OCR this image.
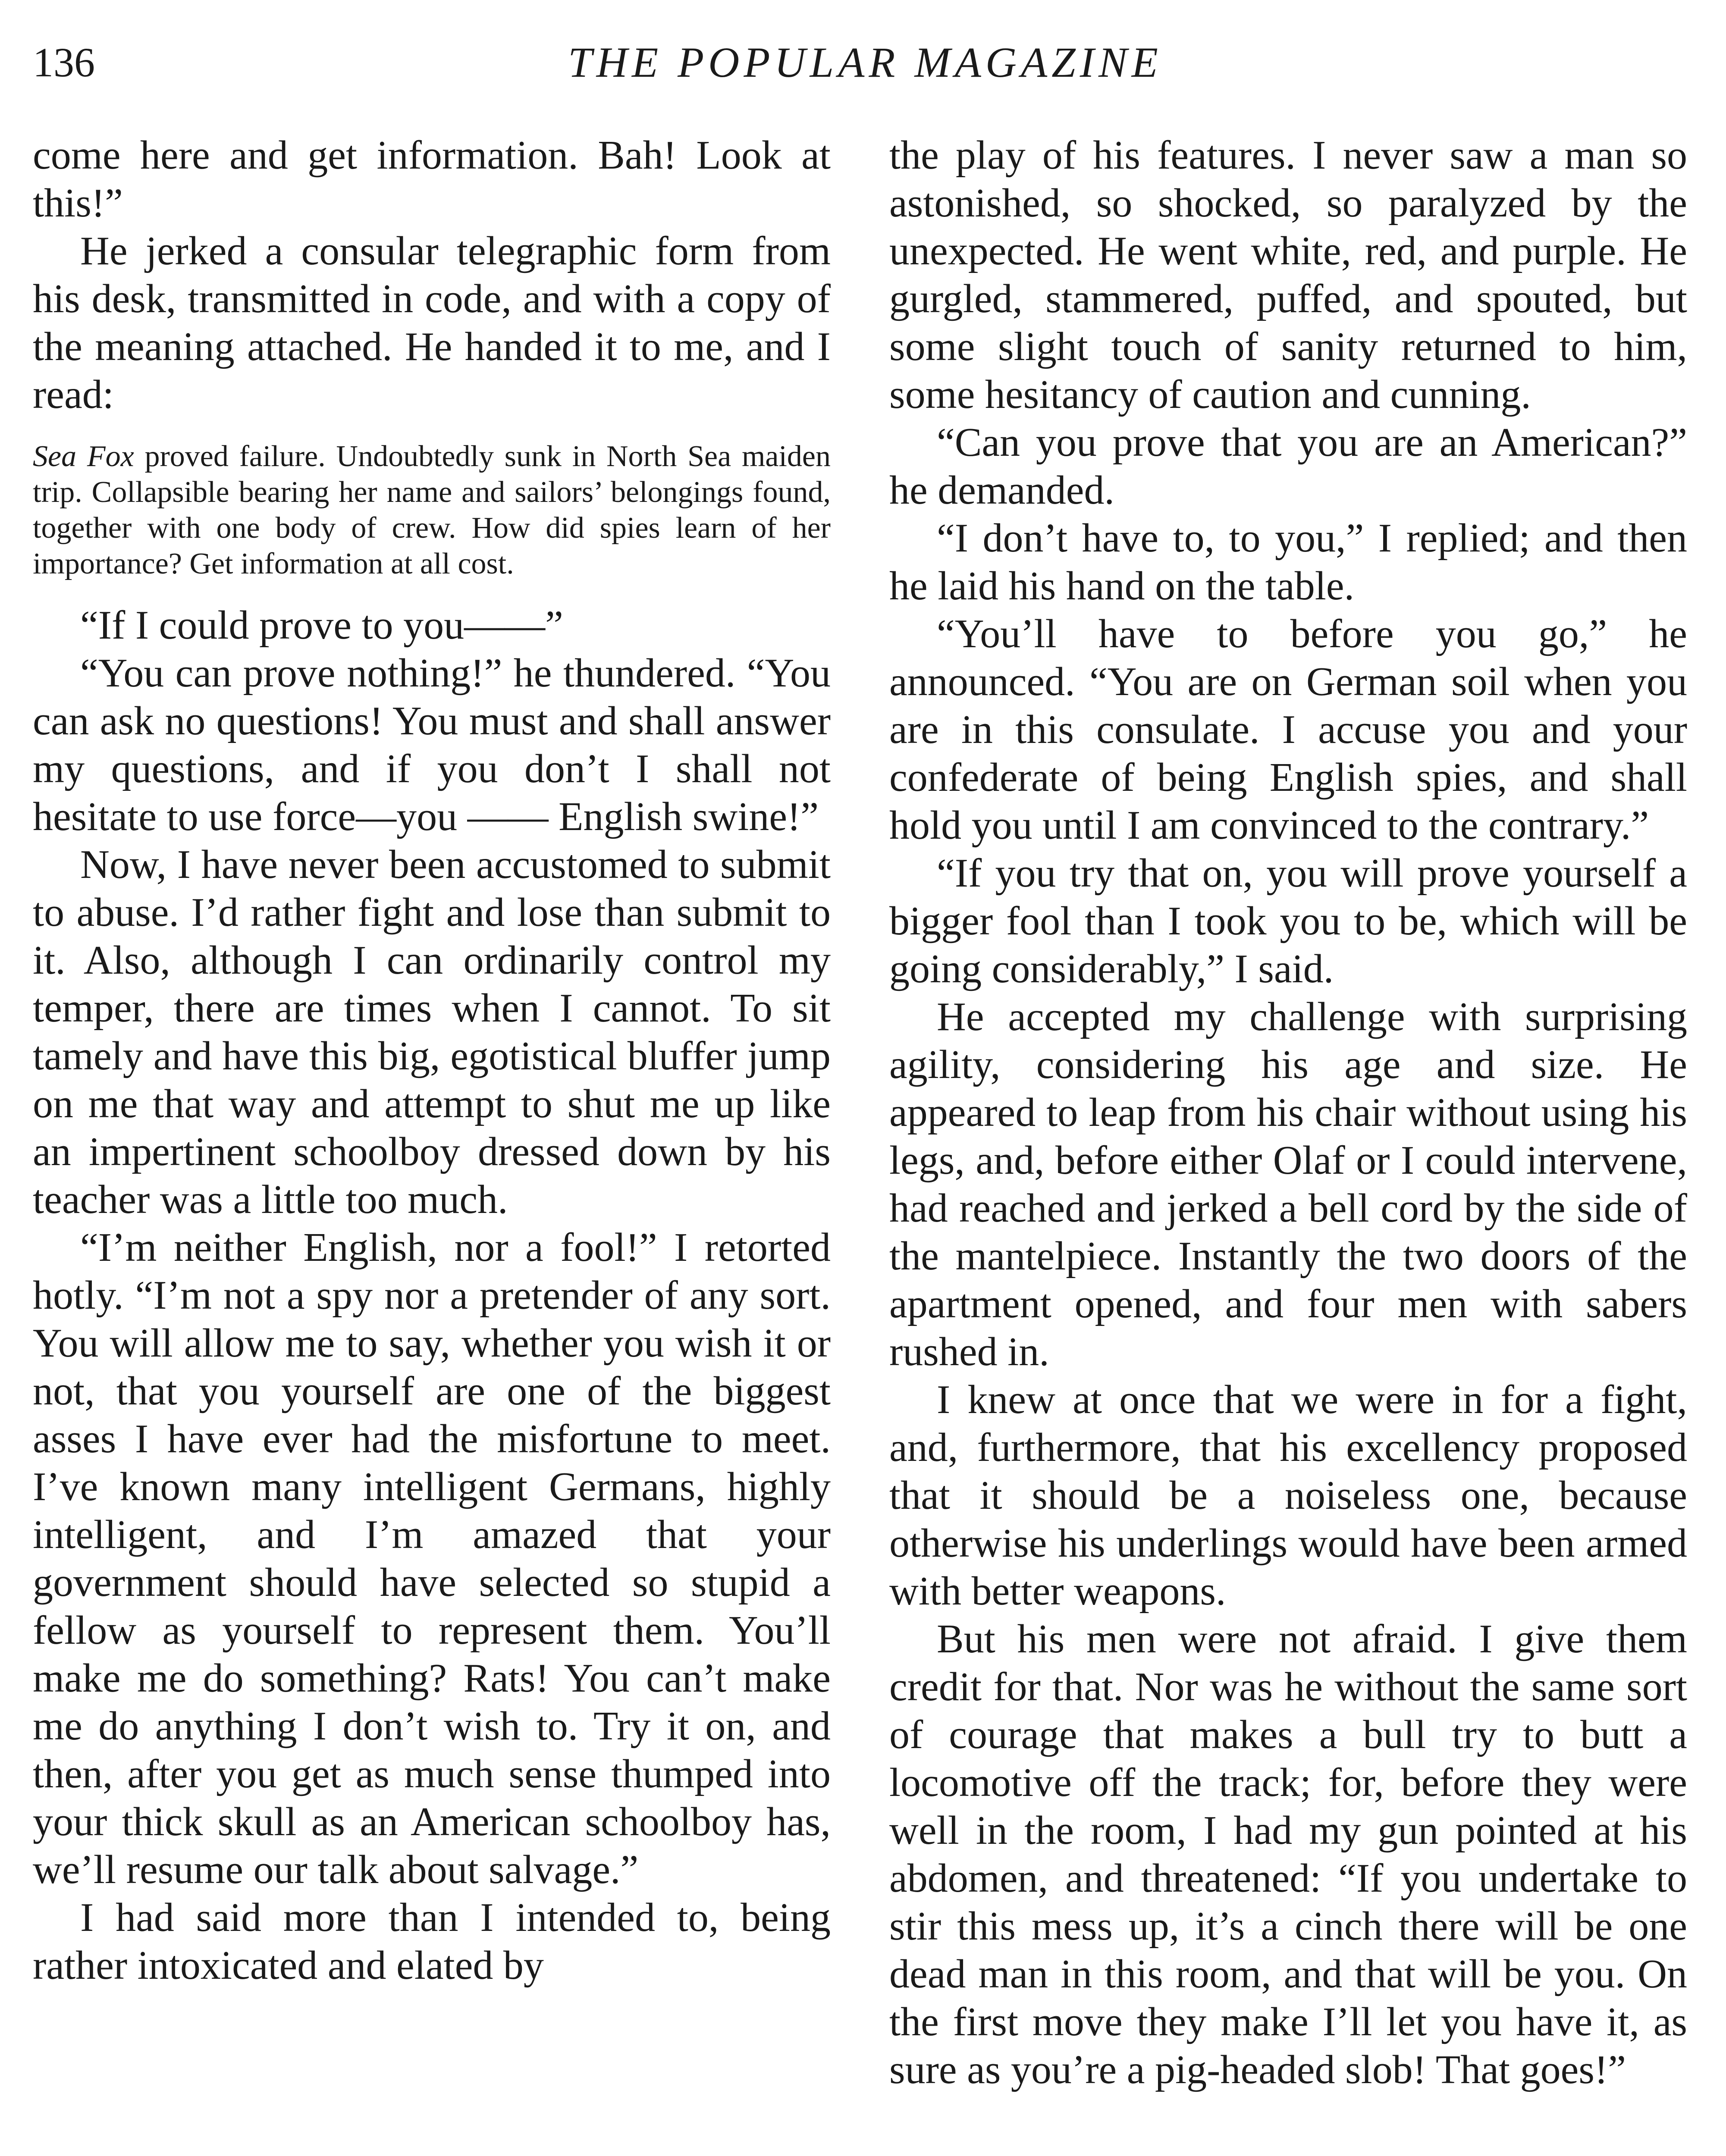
136	THE POPULAR MAGAZINE

come here and get information. Bah! Look at this!”

He jerked a consular telegraphic form from his desk, transmitted in code, and with a copy of the meaning attached. He handed it to me, and I read:

Sea Fox proved failure. Undoubtedly sunk in North Sea maiden trip. Collapsible bearing her name and sailors’ belongings found, together with one body of crew. How did spies learn of her importance? Get information at all cost.

“If I could prove to you——”

“You can prove nothing!” he thundered. “You can ask no questions! You must and shall answer my questions, and if you don’t I shall not hesitate to use force—you —— English swine!”

Now, I have never been accustomed to submit to abuse. I’d rather fight and lose than submit to it. Also, although I can ordinarily control my temper, there are times when I cannot. To sit tamely and have this big, egotistical bluffer jump on me that way and attempt to shut me up like an impertinent schoolboy dressed down by his teacher was a little too much.

“I’m neither English, nor a fool!” I retorted hotly. “I’m not a spy nor a pretender of any sort. You will allow me to say, whether you wish it or not, that you yourself are one of the biggest asses I have ever had the misfortune to meet. I’ve known many intelligent Germans, highly intelligent, and I’m amazed that your government should have selected so stupid a fellow as yourself to represent them. You’ll make me do something? Rats! You can’t make me do anything I don’t wish to. Try it on, and then, after you get as much sense thumped into your thick skull as an American schoolboy has, we’ll resume our talk about salvage.”

I had said more than I intended to, being rather intoxicated and elated by

the play of his features. I never saw a man so astonished, so shocked, so paralyzed by the unexpected. He went white, red, and purple. He gurgled, stammered, puffed, and spouted, but some slight touch of sanity returned to him, some hesitancy of caution and cunning.

“Can you prove that you are an American?” he demanded.

“I don’t have to, to you,” I replied; and then he laid his hand on the table.

“You’ll have to before you go,” he announced. “You are on German soil when you are in this consulate. I accuse you and your confederate of being English spies, and shall hold you until I am convinced to the contrary.”

“If you try that on, you will prove yourself a bigger fool than I took you to be, which will be going considerably,” I said.

He accepted my challenge with surprising agility, considering his age and size. He appeared to leap from his chair without using his legs, and, before either Olaf or I could intervene, had reached and jerked a bell cord by the side of the mantelpiece. Instantly the two doors of the apartment opened, and four men with sabers rushed in.

I knew at once that we were in for a fight, and, furthermore, that his excellency proposed that it should be a noiseless one, because otherwise his underlings would have been armed with better weapons.

But his men were not afraid. I give them credit for that. Nor was he without the same sort of courage that makes a bull try to butt a locomotive off the track; for, before they were well in the room, I had my gun pointed at his abdomen, and threatened: “If you undertake to stir this mess up, it’s a cinch there will be one dead man in this room, and that will be you. On the first move they make I’ll let you have it, as sure as you’re a pig-headed slob! That goes!”
